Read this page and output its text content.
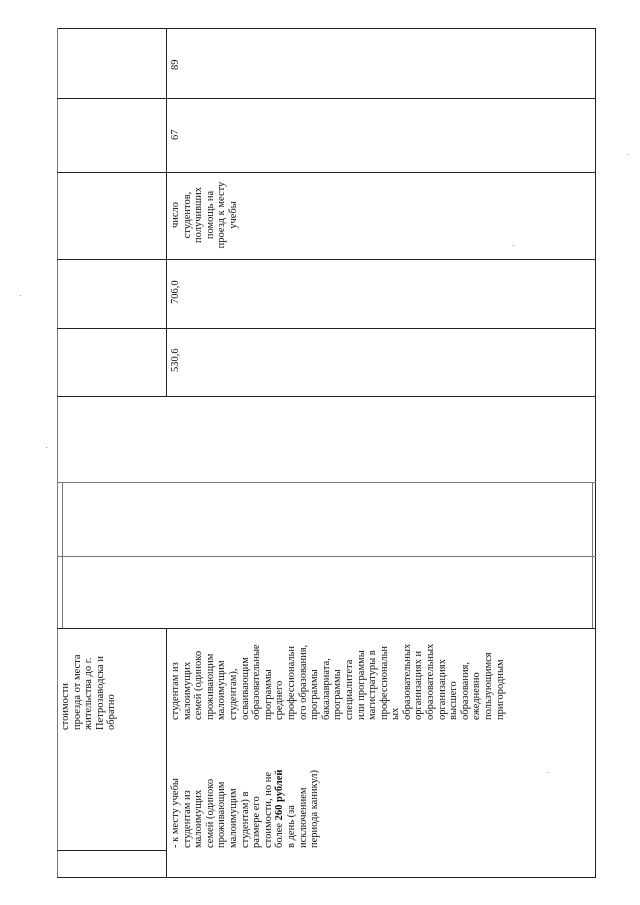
89
67
число
студентов,
получивших
помощь на
проезд к месту
учебы
706,0
530,6
стоимости
проезда от места
жительства до г.
Петрозаводска и
обратно	студентам из
малоимущих
семей (одиноко
проживающим
малоимущим
студентам),
осваивающим
образовательные
программы
среднего
профессиональн
ого образования,
программы
бакалавриата,
программы
специалитета
или программы
магистратуры в
профессиональн
ых
образовательных
организациях и
образовательных
организациях
высшего
образования,
ежедневно
пользующимся
пригородным
- к месту учебы
студентам из
малоимущих
семей (одиноко
проживающим
малоимущим
студентам) в
размере его
стоимости, но не
более 260 рублей
в день (за
исключением
периода каникул)
